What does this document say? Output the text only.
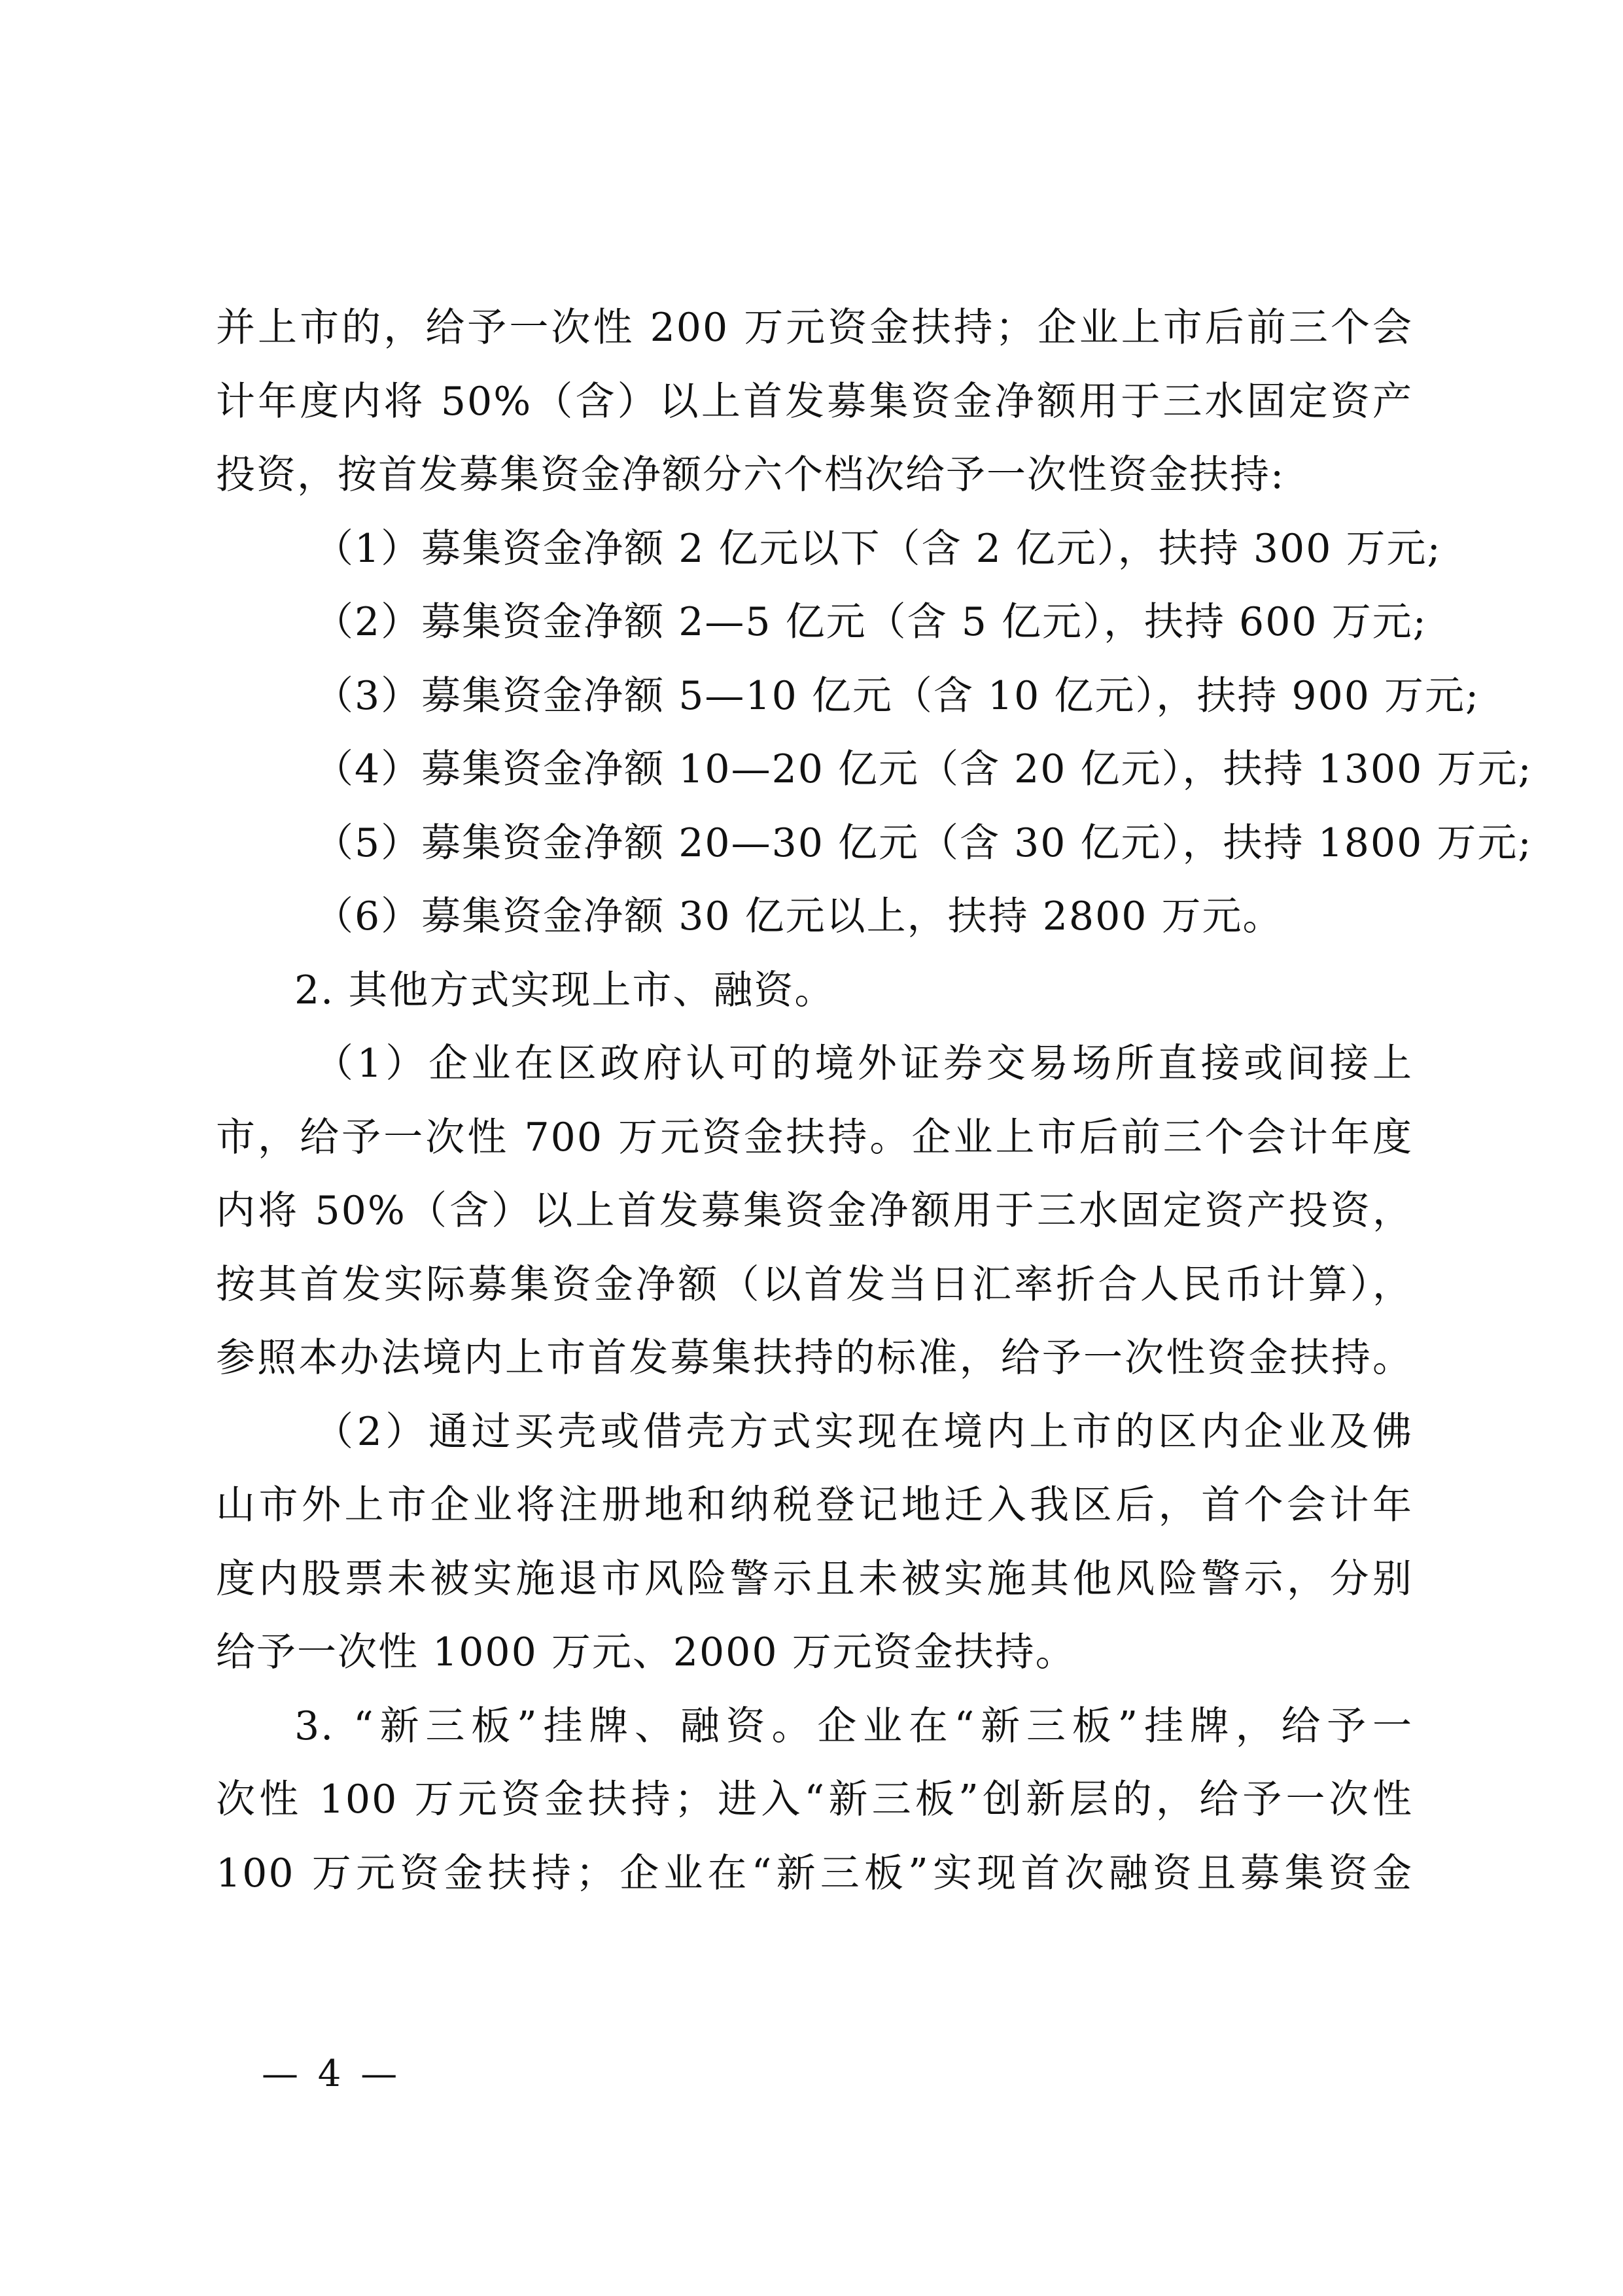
并上市的，给予一次性 200 万元资金扶持；企业上市后前三个会
计年度内将 50%（含）以上首发募集资金净额用于三水固定资产
投资，按首发募集资金净额分六个档次给予一次性资金扶持:
（1）募集资金净额 2 亿元以下（含 2 亿元），扶持 300 万元;
（2）募集资金净额 2—5 亿元（含 5 亿元），扶持 600 万元;
（3）募集资金净额 5—10 亿元（含 10 亿元），扶持 900 万元;
（4）募集资金净额 10—20 亿元（含 20 亿元），扶持 1300 万元;
（5）募集资金净额 20—30 亿元（含 30 亿元），扶持 1800 万元;
（6）募集资金净额 30 亿元以上，扶持 2800 万元。
2. 其他方式实现上市、融资。
（1）企业在区政府认可的境外证券交易场所直接或间接上
市，给予一次性 700 万元资金扶持。企业上市后前三个会计年度
内将 50%（含）以上首发募集资金净额用于三水固定资产投资，
按其首发实际募集资金净额（以首发当日汇率折合人民币计算），
参照本办法境内上市首发募集扶持的标准，给予一次性资金扶持。
（2）通过买壳或借壳方式实现在境内上市的区内企业及佛
山市外上市企业将注册地和纳税登记地迁入我区后，首个会计年
度内股票未被实施退市风险警示且未被实施其他风险警示，分别
给予一次性 1000 万元、2000 万元资金扶持。
3. “新三板”挂牌、融资。企业在“新三板”挂牌，给予一
次性 100 万元资金扶持；进入“新三板”创新层的，给予一次性
100 万元资金扶持；企业在“新三板”实现首次融资且募集资金
— 4 —
